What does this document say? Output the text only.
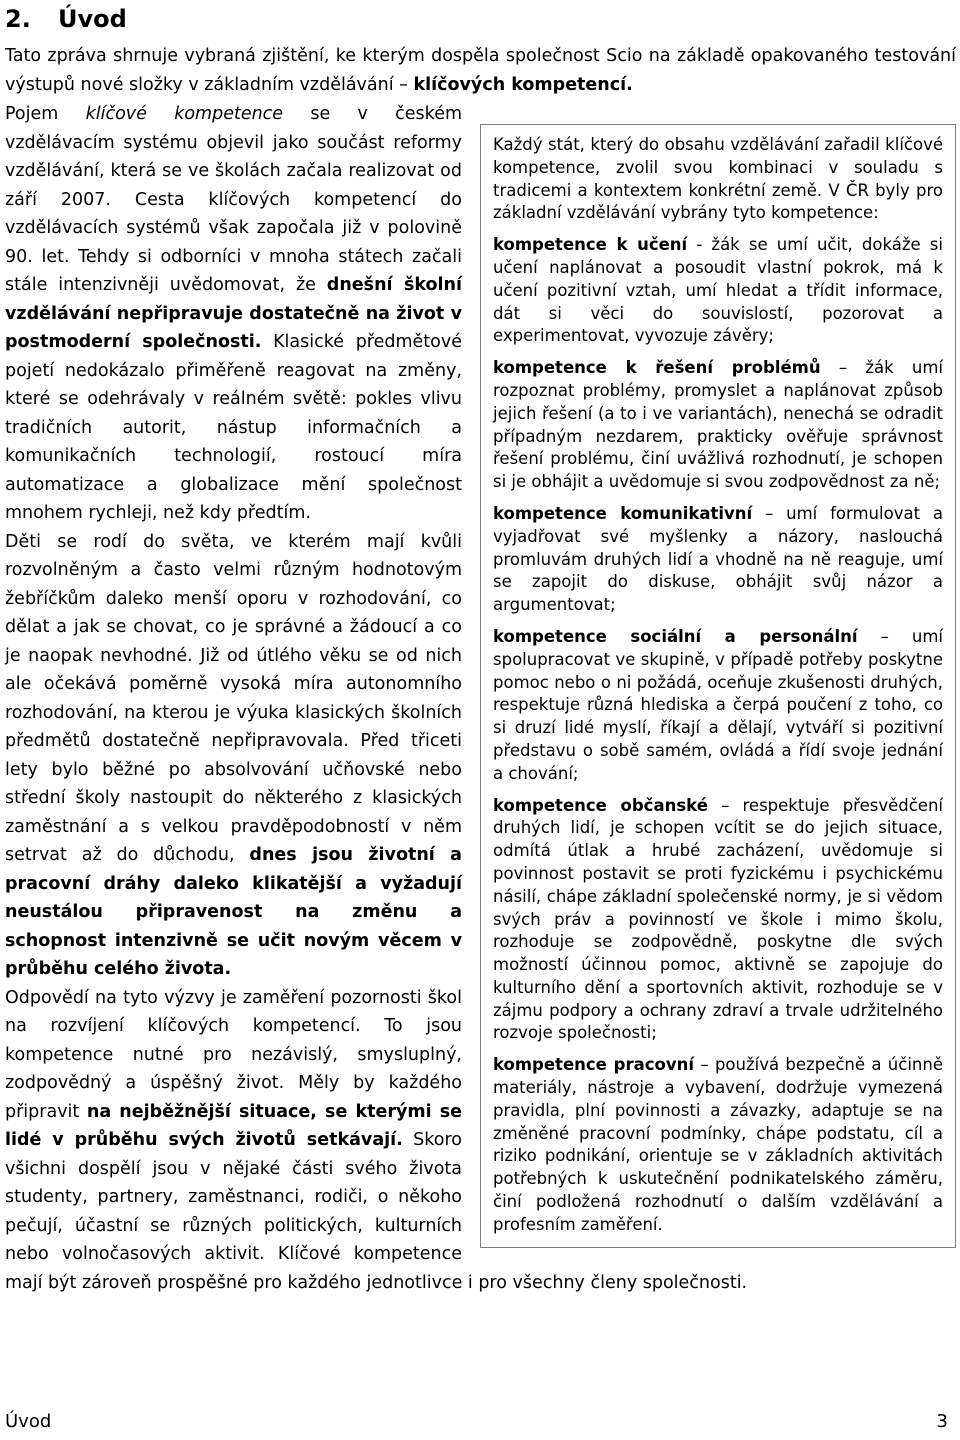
2. Úvod

Tato zpráva shrnuje vybraná zjištění, ke kterým dospěla společnost Scio na základě opakovaného testování výstupů nové složky v základním vzdělávání – klíčových kompetencí.

Každý stát, který do obsahu vzdělávání zařadil klíčové kompetence, zvolil svou kombinaci v souladu s tradicemi a kontextem konkrétní země. V ČR byly pro základní vzdělávání vybrány tyto kompetence:

kompetence k učení - žák se umí učit, dokáže si učení naplánovat a posoudit vlastní pokrok, má k učení pozitivní vztah, umí hledat a třídit informace, dát si věci do souvislostí, pozorovat a experimentovat, vyvozuje závěry;

kompetence k řešení problémů – žák umí rozpoznat problémy, promyslet a naplánovat způsob jejich řešení (a to i ve variantách), nenechá se odradit případným nezdarem, prakticky ověřuje správnost řešení problému, činí uvážlivá rozhodnutí, je schopen si je obhájit a uvědomuje si svou zodpovědnost za ně;

kompetence komunikativní – umí formulovat a vyjadřovat své myšlenky a názory, naslouchá promluvám druhých lidí a vhodně na ně reaguje, umí se zapojit do diskuse, obhájit svůj názor a argumentovat;

kompetence sociální a personální – umí spolupracovat ve skupině, v případě potřeby poskytne pomoc nebo o ni požádá, oceňuje zkušenosti druhých, respektuje různá hlediska a čerpá poučení z toho, co si druzí lidé myslí, říkají a dělají, vytváří si pozitivní představu o sobě samém, ovládá a řídí svoje jednání a chování;

kompetence občanské – respektuje přesvědčení druhých lidí, je schopen vcítit se do jejich situace, odmítá útlak a hrubé zacházení, uvědomuje si povinnost postavit se proti fyzickému i psychickému násilí, chápe základní společenské normy, je si vědom svých práv a povinností ve škole i mimo školu, rozhoduje se zodpovědně, poskytne dle svých možností účinnou pomoc, aktivně se zapojuje do kulturního dění a sportovních aktivit, rozhoduje se v zájmu podpory a ochrany zdraví a trvale udržitelného rozvoje společnosti;

kompetence pracovní – používá bezpečně a účinně materiály, nástroje a vybavení, dodržuje vymezená pravidla, plní povinnosti a závazky, adaptuje se na změněné pracovní podmínky, chápe podstatu, cíl a riziko podnikání, orientuje se v základních aktivitách potřebných k uskutečnění podnikatelského záměru, činí podložená rozhodnutí o dalším vzdělávání a profesním zaměření.

Pojem klíčové kompetence se v českém vzdělávacím systému objevil jako součást reformy vzdělávání, která se ve školách začala realizovat od září 2007. Cesta klíčových kompetencí do vzdělávacích systémů však započala již v polovině 90. let. Tehdy si odborníci v mnoha státech začali stále intenzivněji uvědomovat, že dnešní školní vzdělávání nepřipravuje dostatečně na život v postmoderní společnosti. Klasické předmětové pojetí nedokázalo přiměřeně reagovat na změny, které se odehrávaly v reálném světě: pokles vlivu tradičních autorit, nástup informačních a komunikačních technologií, rostoucí míra automatizace a globalizace mění společnost mnohem rychleji, než kdy předtím.

Děti se rodí do světa, ve kterém mají kvůli rozvolněným a často velmi různým hodnotovým žebříčkům daleko menší oporu v rozhodování, co dělat a jak se chovat, co je správné a žádoucí a co je naopak nevhodné. Již od útlého věku se od nich ale očekává poměrně vysoká míra autonomního rozhodování, na kterou je výuka klasických školních předmětů dostatečně nepřipravovala. Před třiceti lety bylo běžné po absolvování učňovské nebo střední školy nastoupit do některého z klasických zaměstnání a s velkou pravděpodobností v něm setrvat až do důchodu, dnes jsou životní a pracovní dráhy daleko klikatější a vyžadují neustálou připravenost na změnu a schopnost intenzivně se učit novým věcem v průběhu celého života.

Odpovědí na tyto výzvy je zaměření pozornosti škol na rozvíjení klíčových kompetencí. To jsou kompetence nutné pro nezávislý, smysluplný, zodpovědný a úspěšný život. Měly by každého připravit na nejběžnější situace, se kterými se lidé v průběhu svých životů setkávají. Skoro všichni dospělí jsou v nějaké části svého života studenty, partnery, zaměstnanci, rodiči, o někoho pečují, účastní se různých politických, kulturních nebo volnočasových aktivit. Klíčové kompetence mají být zároveň prospěšné pro každého jednotlivce i pro všechny členy společnosti.

Úvod	3
